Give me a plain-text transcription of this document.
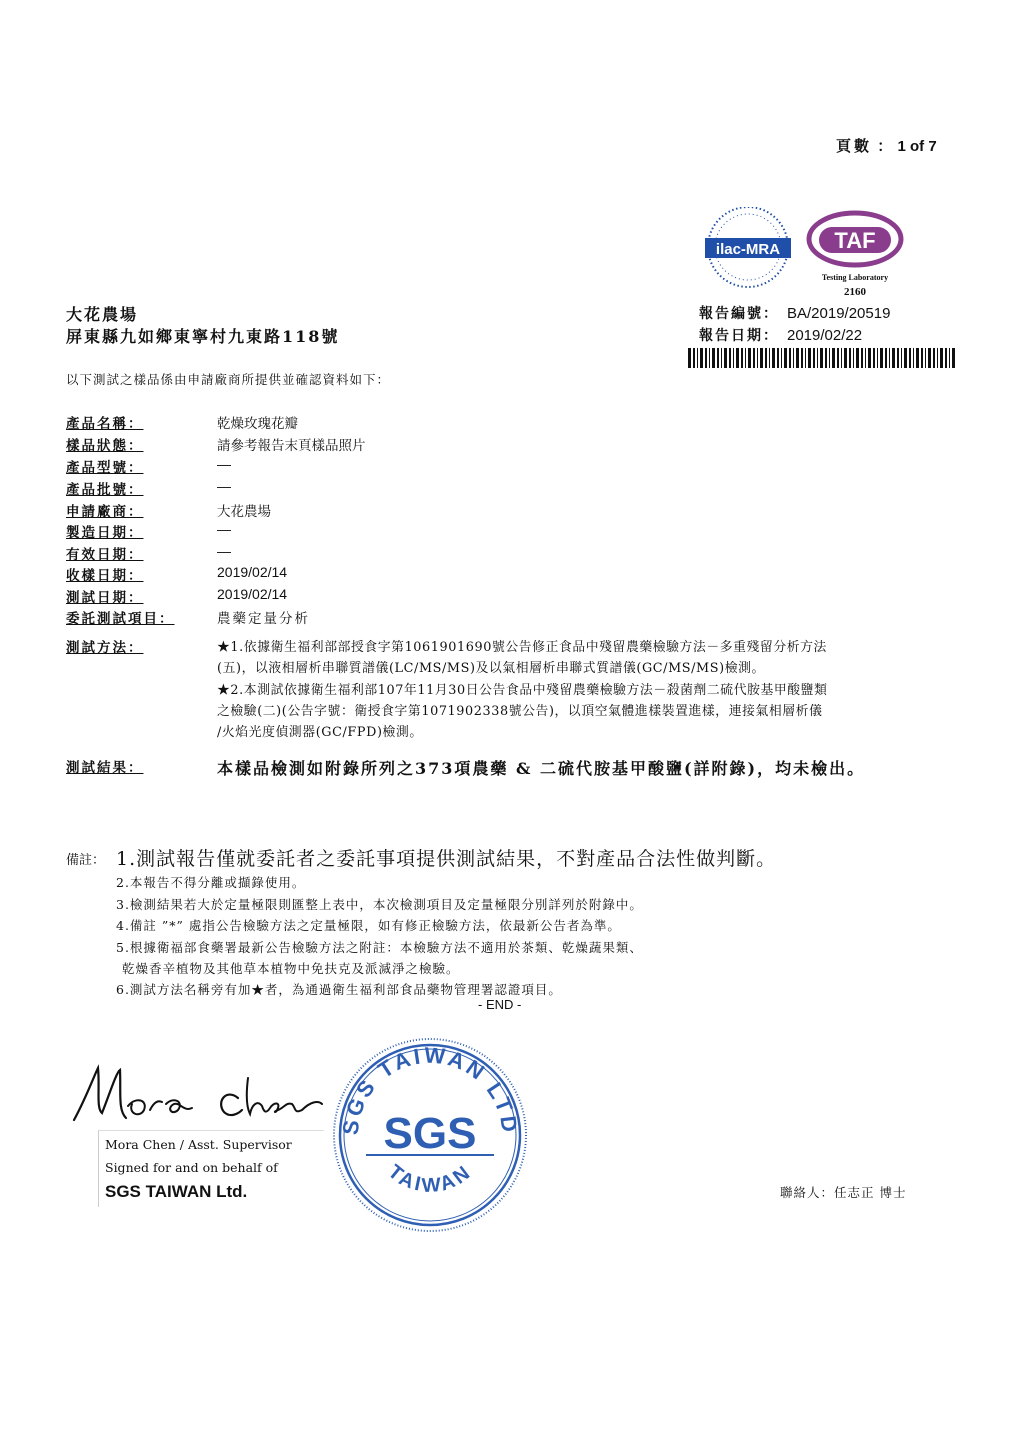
頁數 ： 1 of 7
ilac-MRA TAF
Testing Laboratory
2160
大花農場
屏東縣九如鄉東寧村九東路118號
報告編號： BA/2019/20519
報告日期： 2019/02/22
以下測試之樣品係由申請廠商所提供並確認資料如下：
產品名稱：	乾燥玫瑰花瓣
樣品狀態：	請參考報告末頁樣品照片
產品型號：	—
產品批號：	—
申請廠商：	大花農場
製造日期：	—
有效日期：	—
收樣日期：	2019/02/14
測試日期：	2019/02/14
委託測試項目：	農藥定量分析
測試方法：	★1.依據衛生福利部部授食字第1061901690號公告修正食品中殘留農藥檢驗方法－多重殘留分析方法
(五)，以液相層析串聯質譜儀(LC/MS/MS)及以氣相層析串聯式質譜儀(GC/MS/MS)檢測。
★2.本測試依據衛生福利部107年11月30日公告食品中殘留農藥檢驗方法－殺菌劑二硫代胺基甲酸鹽類
之檢驗(二)(公告字號：衛授食字第1071902338號公告)，以頂空氣體進樣裝置進樣，連接氣相層析儀
/火焰光度偵測器(GC/FPD)檢測。
測試結果：	本樣品檢測如附錄所列之373項農藥 & 二硫代胺基甲酸鹽(詳附錄)，均未檢出。
備註： 1.測試報告僅就委託者之委託事項提供測試結果，不對產品合法性做判斷。
2.本報告不得分離或擷錄使用。
3.檢測結果若大於定量極限則匯整上表中，本次檢測項目及定量極限分別詳列於附錄中。
4.備註 ”*” 處指公告檢驗方法之定量極限，如有修正檢驗方法，依最新公告者為準。
5.根據衛福部食藥署最新公告檢驗方法之附註：本檢驗方法不適用於茶類、乾燥蔬果類、
乾燥香辛植物及其他草本植物中免扶克及派滅淨之檢驗。
6.測試方法名稱旁有加★者，為通過衛生福利部食品藥物管理署認證項目。
- END -
Mora Chen / Asst. Supervisor
Signed for and on behalf of
SGS TAIWAN Ltd.
SGS TAIWAN LTD
SGS
TAIWAN
聯絡人：任志正 博士
